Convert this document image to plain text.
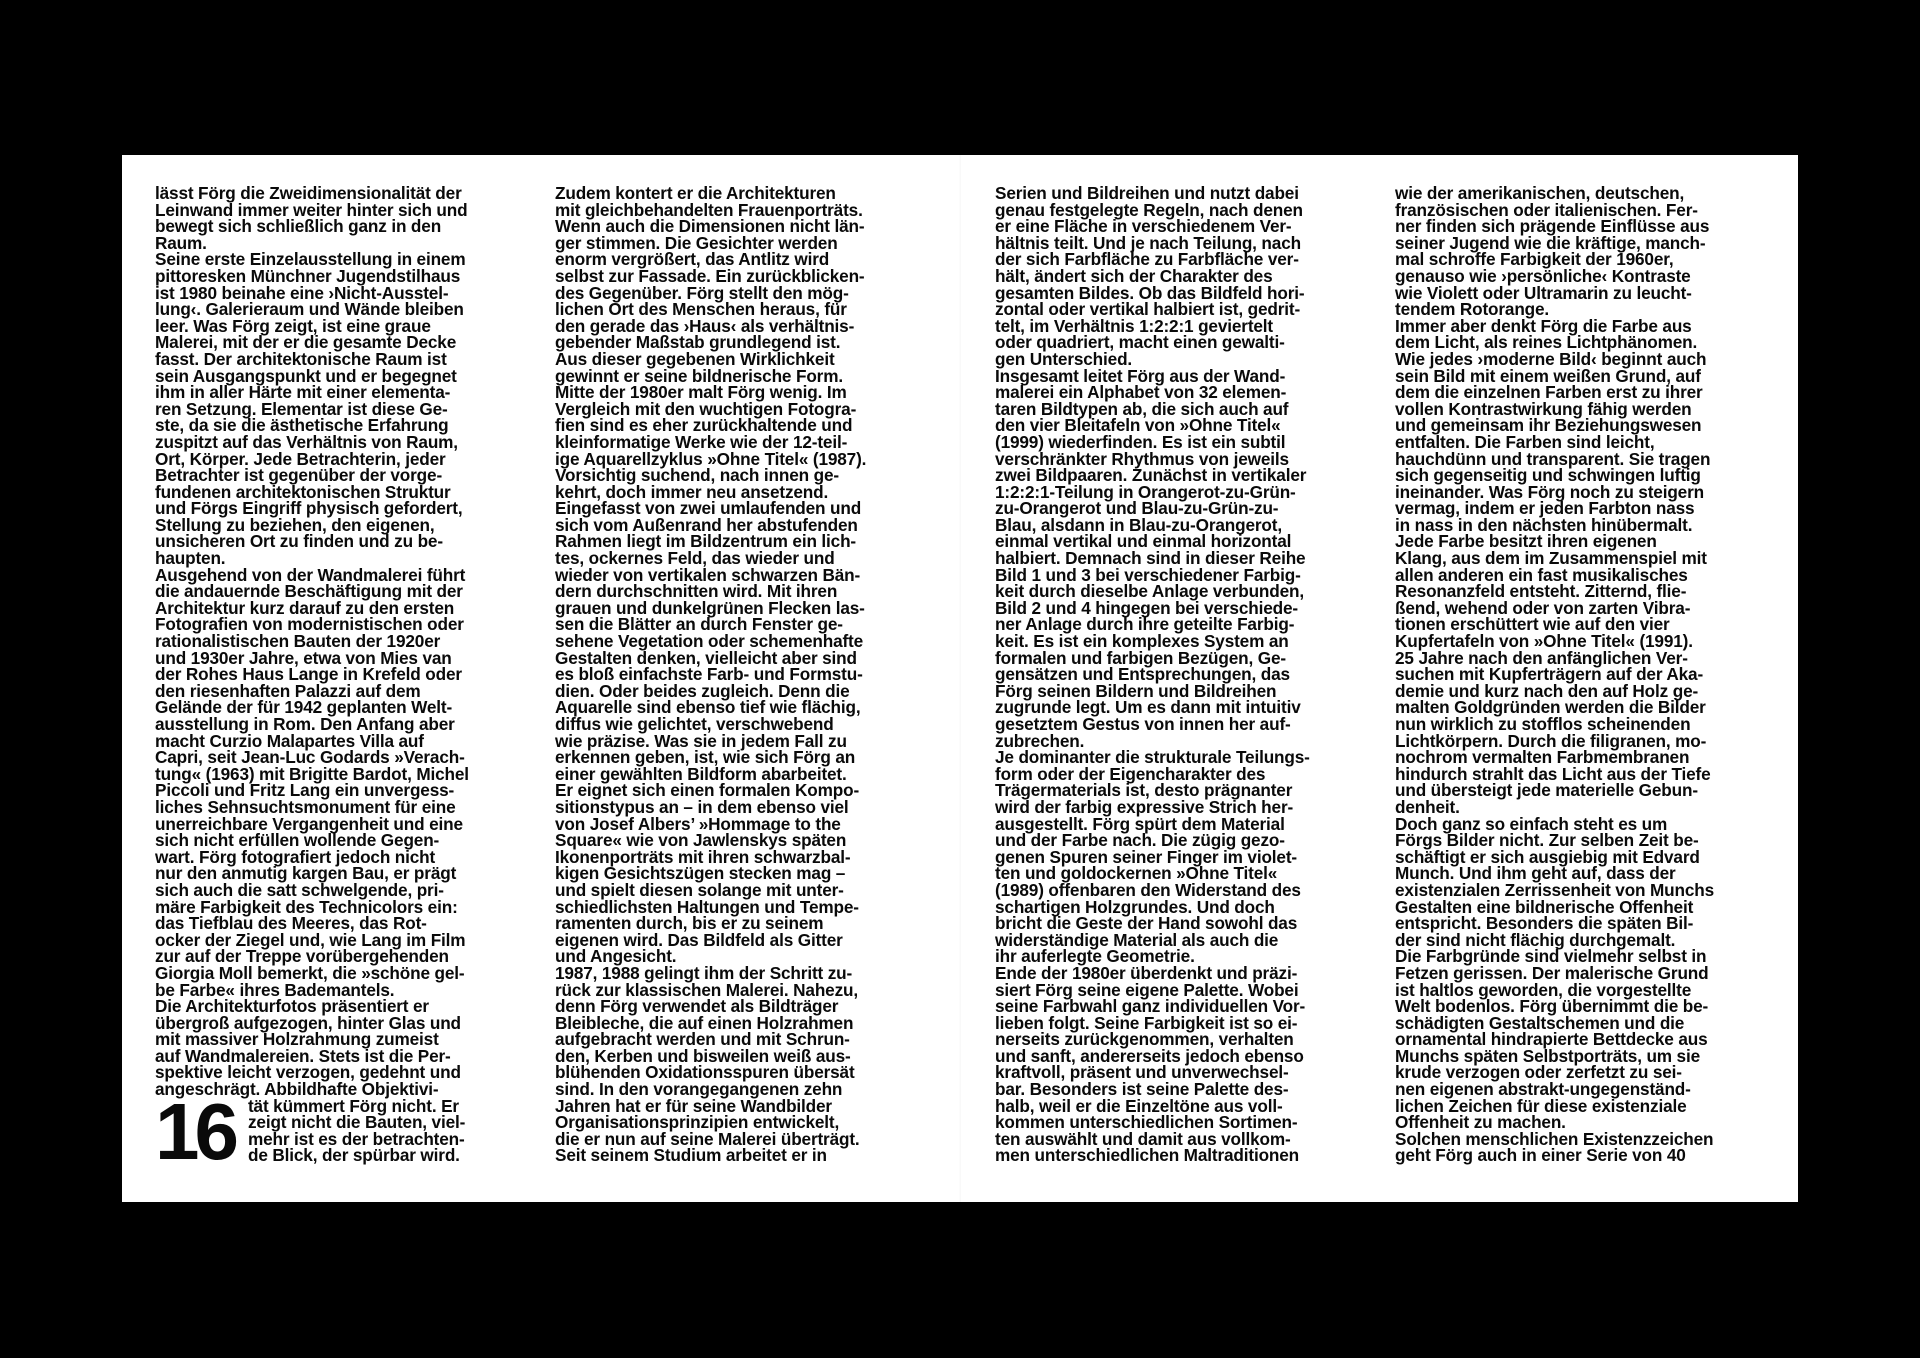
lässt Förg die Zweidimensionalität der
Leinwand immer weiter hinter sich und
bewegt sich schließlich ganz in den
Raum.

Seine erste Einzelausstellung in einem
pittoresken Münchner Jugendstilhaus
ist 1980 beinahe eine ›Nicht-Ausstel-
lung‹. Galerieraum und Wände bleiben
leer. Was Förg zeigt, ist eine graue
Malerei, mit der er die gesamte Decke
fasst. Der architektonische Raum ist
sein Ausgangspunkt und er begegnet
ihm in aller Härte mit einer elementa-
ren Setzung. Elementar ist diese Ge-
ste, da sie die ästhetische Erfahrung
zuspitzt auf das Verhältnis von Raum,
Ort, Körper. Jede Betrachterin, jeder
Betrachter ist gegenüber der vorge-
fundenen architektonischen Struktur
und Förgs Eingriff physisch gefordert,
Stellung zu beziehen, den eigenen,
unsicheren Ort zu finden und zu be-
haupten.

Ausgehend von der Wandmalerei führt
die andauernde Beschäftigung mit der
Architektur kurz darauf zu den ersten
Fotografien von modernistischen oder
rationalistischen Bauten der 1920er
und 1930er Jahre, etwa von Mies van
der Rohes Haus Lange in Krefeld oder
den riesenhaften Palazzi auf dem
Gelände der für 1942 geplanten Welt-
ausstellung in Rom. Den Anfang aber
macht Curzio Malapartes Villa auf
Capri, seit Jean-Luc Godards »Verach-
tung« (1963) mit Brigitte Bardot, Michel
Piccoli und Fritz Lang ein unvergess-
liches Sehnsuchtsmonument für eine
unerreichbare Vergangenheit und eine
sich nicht erfüllen wollende Gegen-
wart. Förg fotografiert jedoch nicht
nur den anmutig kargen Bau, er prägt
sich auch die satt schwelgende, pri-
märe Farbigkeit des Technicolors ein:
das Tiefblau des Meeres, das Rot-
ocker der Ziegel und, wie Lang im Film
zur auf der Treppe vorübergehenden
Giorgia Moll bemerkt, die »schöne gel-
be Farbe« ihres Bademantels.

Die Architekturfotos präsentiert er
übergroß aufgezogen, hinter Glas und
mit massiver Holzrahmung zumeist
auf Wandmalereien. Stets ist die Per-
spektive leicht verzogen, gedehnt und
angeschrägt. Abbildhafte Objektivi-

16 tät kümmert Förg nicht. Er
zeigt nicht die Bauten, viel-
mehr ist es der betrachten-
de Blick, der spürbar wird.

Zudem kontert er die Architekturen
mit gleichbehandelten Frauenporträts.
Wenn auch die Dimensionen nicht län-
ger stimmen. Die Gesichter werden
enorm vergrößert, das Antlitz wird
selbst zur Fassade. Ein zurückblicken-
des Gegenüber. Förg stellt den mög-
lichen Ort des Menschen heraus, für
den gerade das ›Haus‹ als verhältnis-
gebender Maßstab grundlegend ist.
Aus dieser gegebenen Wirklichkeit
gewinnt er seine bildnerische Form.

Mitte der 1980er malt Förg wenig. Im
Vergleich mit den wuchtigen Fotogra-
fien sind es eher zurückhaltende und
kleinformatige Werke wie der 12-teil-
ige Aquarellzyklus »Ohne Titel« (1987).
Vorsichtig suchend, nach innen ge-
kehrt, doch immer neu ansetzend.
Eingefasst von zwei umlaufenden und
sich vom Außenrand her abstufenden
Rahmen liegt im Bildzentrum ein lich-
tes, ockernes Feld, das wieder und
wieder von vertikalen schwarzen Bän-
dern durchschnitten wird. Mit ihren
grauen und dunkelgrünen Flecken las-
sen die Blätter an durch Fenster ge-
sehene Vegetation oder schemenhafte
Gestalten denken, vielleicht aber sind
es bloß einfachste Farb- und Formstu-
dien. Oder beides zugleich. Denn die
Aquarelle sind ebenso tief wie flächig,
diffus wie gelichtet, verschwebend
wie präzise. Was sie in jedem Fall zu
erkennen geben, ist, wie sich Förg an
einer gewählten Bildform abarbeitet.
Er eignet sich einen formalen Kompo-
sitionstypus an – in dem ebenso viel
von Josef Albers’ »Hommage to the
Square« wie von Jawlenskys späten
Ikonenporträts mit ihren schwarzbal-
kigen Gesichtszügen stecken mag –
und spielt diesen solange mit unter-
schiedlichsten Haltungen und Tempe-
ramenten durch, bis er zu seinem
eigenen wird. Das Bildfeld als Gitter
und Angesicht.

1987, 1988 gelingt ihm der Schritt zu-
rück zur klassischen Malerei. Nahezu,
denn Förg verwendet als Bildträger
Bleibleche, die auf einen Holzrahmen
aufgebracht werden und mit Schrun-
den, Kerben und bisweilen weiß aus-
blühenden Oxidationsspuren übersät
sind. In den vorangegangenen zehn
Jahren hat er für seine Wandbilder
Organisationsprinzipien entwickelt,
die er nun auf seine Malerei überträgt.
Seit seinem Studium arbeitet er in

Serien und Bildreihen und nutzt dabei
genau festgelegte Regeln, nach denen
er eine Fläche in verschiedenem Ver-
hältnis teilt. Und je nach Teilung, nach
der sich Farbfläche zu Farbfläche ver-
hält, ändert sich der Charakter des
gesamten Bildes. Ob das Bildfeld hori-
zontal oder vertikal halbiert ist, gedrit-
telt, im Verhältnis 1:2:2:1 geviertelt
oder quadriert, macht einen gewalti-
gen Unterschied.

Insgesamt leitet Förg aus der Wand-
malerei ein Alphabet von 32 elemen-
taren Bildtypen ab, die sich auch auf
den vier Bleitafeln von »Ohne Titel«
(1999) wiederfinden. Es ist ein subtil
verschränkter Rhythmus von jeweils
zwei Bildpaaren. Zunächst in vertikaler
1:2:2:1-Teilung in Orangerot-zu-Grün-
zu-Orangerot und Blau-zu-Grün-zu-
Blau, alsdann in Blau-zu-Orangerot,
einmal vertikal und einmal horizontal
halbiert. Demnach sind in dieser Reihe
Bild 1 und 3 bei verschiedener Farbig-
keit durch dieselbe Anlage verbunden,
Bild 2 und 4 hingegen bei verschiede-
ner Anlage durch ihre geteilte Farbig-
keit. Es ist ein komplexes System an
formalen und farbigen Bezügen, Ge-
gensätzen und Entsprechungen, das
Förg seinen Bildern und Bildreihen
zugrunde legt. Um es dann mit intuitiv
gesetztem Gestus von innen her auf-
zubrechen.

Je dominanter die strukturale Teilungs-
form oder der Eigencharakter des
Trägermaterials ist, desto prägnanter
wird der farbig expressive Strich her-
ausgestellt. Förg spürt dem Material
und der Farbe nach. Die zügig gezo-
genen Spuren seiner Finger im violet-
ten und goldockernen »Ohne Titel«
(1989) offenbaren den Widerstand des
schartigen Holzgrundes. Und doch
bricht die Geste der Hand sowohl das
widerständige Material als auch die
ihr auferlegte Geometrie.

Ende der 1980er überdenkt und präzi-
siert Förg seine eigene Palette. Wobei
seine Farbwahl ganz individuellen Vor-
lieben folgt. Seine Farbigkeit ist so ei-
nerseits zurückgenommen, verhalten
und sanft, andererseits jedoch ebenso
kraftvoll, präsent und unverwechsel-
bar. Besonders ist seine Palette des-
halb, weil er die Einzeltöne aus voll-
kommen unterschiedlichen Sortimen-
ten auswählt und damit aus vollkom-
men unterschiedlichen Maltraditionen

wie der amerikanischen, deutschen,
französischen oder italienischen. Fer-
ner finden sich prägende Einflüsse aus
seiner Jugend wie die kräftige, manch-
mal schroffe Farbigkeit der 1960er,
genauso wie ›persönliche‹ Kontraste
wie Violett oder Ultramarin zu leucht-
tendem Rotorange.

Immer aber denkt Förg die Farbe aus
dem Licht, als reines Lichtphänomen.
Wie jedes ›moderne Bild‹ beginnt auch
sein Bild mit einem weißen Grund, auf
dem die einzelnen Farben erst zu ihrer
vollen Kontrastwirkung fähig werden
und gemeinsam ihr Beziehungswesen
entfalten. Die Farben sind leicht,
hauchdünn und transparent. Sie tragen
sich gegenseitig und schwingen luftig
ineinander. Was Förg noch zu steigern
vermag, indem er jeden Farbton nass
in nass in den nächsten hinübermalt.
Jede Farbe besitzt ihren eigenen
Klang, aus dem im Zusammenspiel mit
allen anderen ein fast musikalisches
Resonanzfeld entsteht. Zitternd, flie-
ßend, wehend oder von zarten Vibra-
tionen erschüttert wie auf den vier
Kupfertafeln von »Ohne Titel« (1991).
25 Jahre nach den anfänglichen Ver-
suchen mit Kupferträgern auf der Aka-
demie und kurz nach den auf Holz ge-
malten Goldgründen werden die Bilder
nun wirklich zu stofflos scheinenden
Lichtkörpern. Durch die filigranen, mo-
nochrom vermalten Farbmembranen
hindurch strahlt das Licht aus der Tiefe
und übersteigt jede materielle Gebun-
denheit.

Doch ganz so einfach steht es um
Förgs Bilder nicht. Zur selben Zeit be-
schäftigt er sich ausgiebig mit Edvard
Munch. Und ihm geht auf, dass der
existenzialen Zerrissenheit von Munchs
Gestalten eine bildnerische Offenheit
entspricht. Besonders die späten Bil-
der sind nicht flächig durchgemalt.
Die Farbgründe sind vielmehr selbst in
Fetzen gerissen. Der malerische Grund
ist haltlos geworden, die vorgestellte
Welt bodenlos. Förg übernimmt die be-
schädigten Gestaltschemen und die
ornamental hindrapierte Bettdecke aus
Munchs späten Selbstporträts, um sie
krude verzogen oder zerfetzt zu sei-
nen eigenen abstrakt-ungegenständ-
lichen Zeichen für diese existenziale
Offenheit zu machen.

Solchen menschlichen Existenzzeichen
geht Förg auch in einer Serie von 40
